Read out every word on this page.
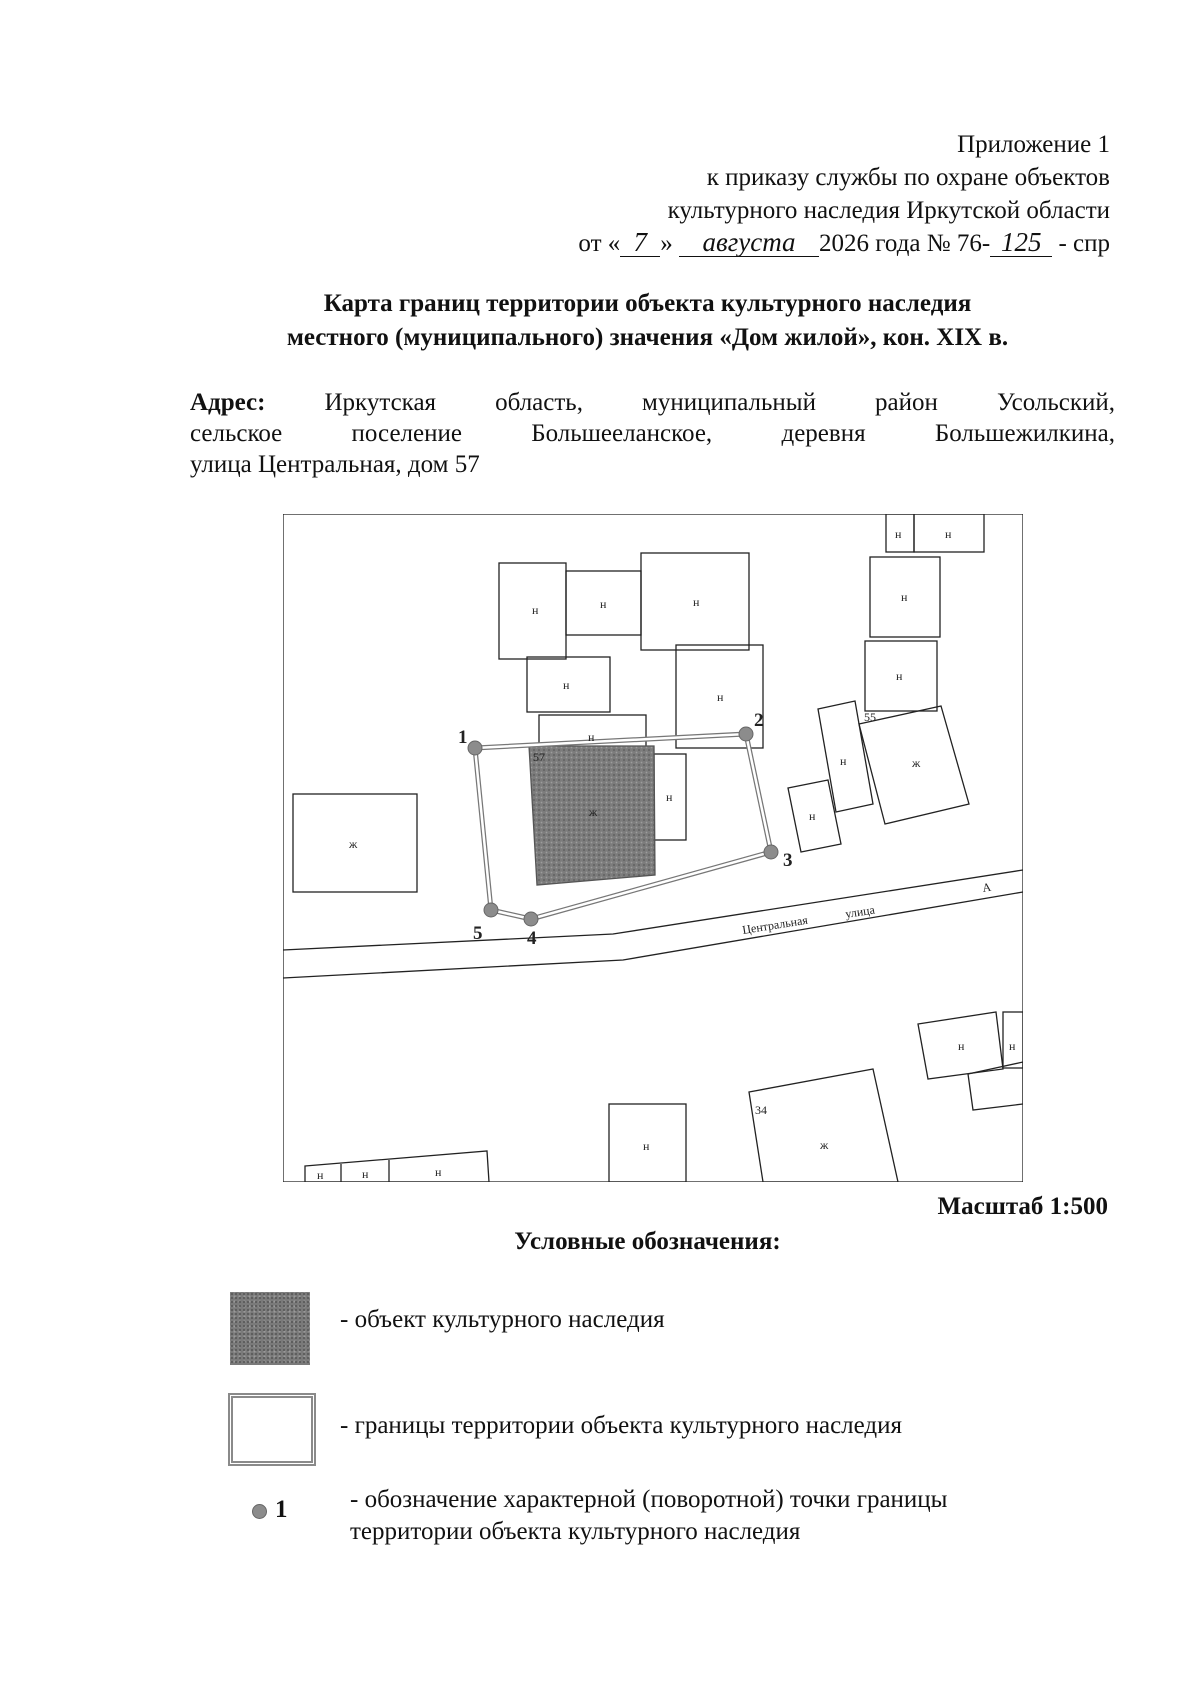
Приложение 1
к приказу службы по охране объектов
культурного наследия Иркутской области
от « 7 » августа 2026 года № 76- 125 - спр
Карта границ территории объекта культурного наследия
местного (муниципального) значения «Дом жилой», кон. XIX в.
Адрес: Иркутская область, муниципальный район Усольский,
сельское поселение Большееланское, деревня Большежилкина,
улица Центральная, дом 57
н	н	н
н
н
н
н
н	н
н
н
н
н
н	н
н
н	н	н
ж
ж
ж
ж
57
55
34
Центральная
улица
А
1
2
3
4
5
Масштаб 1:500
Условные обозначения:
- объект культурного наследия
- границы территории объекта культурного наследия
1	- обозначение характерной (поворотной) точки границы
территории объекта культурного наследия
